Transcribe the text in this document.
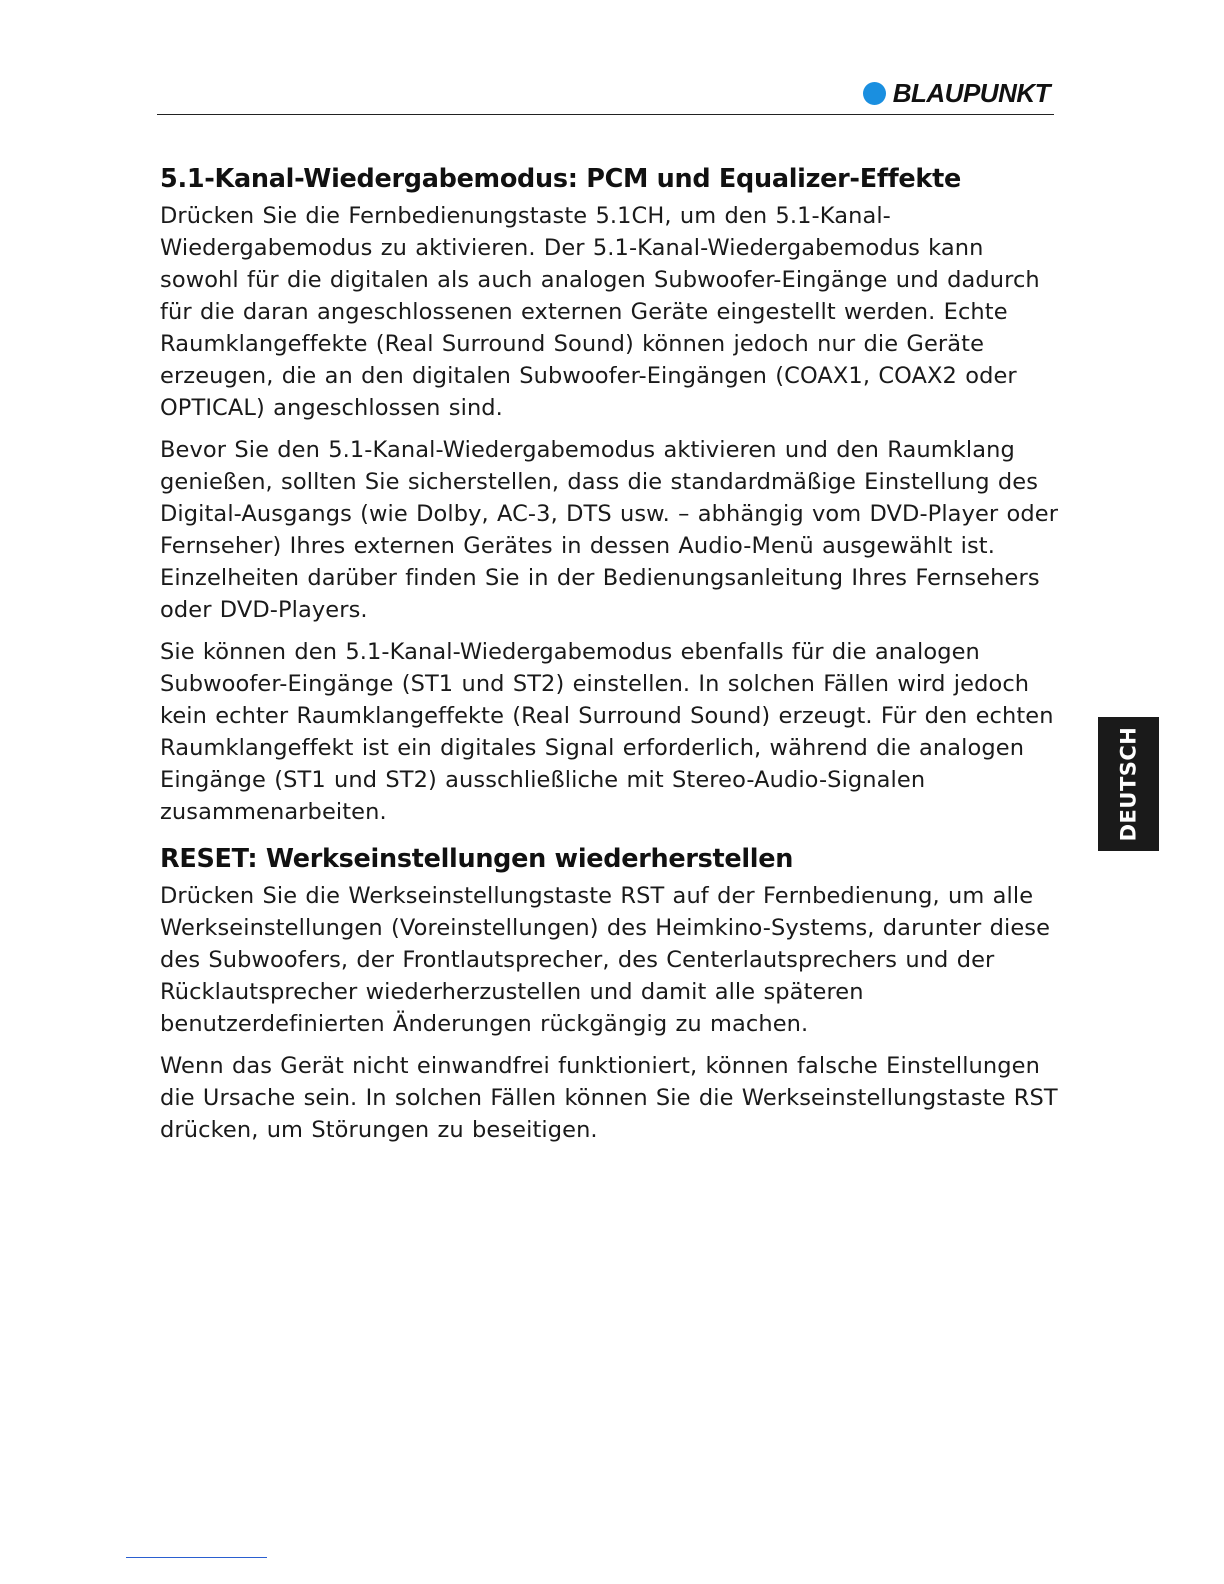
BLAUPUNKT
5.1-Kanal-Wiedergabemodus: PCM und Equalizer-Effekte

Drücken Sie die Fernbedienungstaste 5.1CH, um den 5.1-Kanal-Wiedergabemodus zu aktivieren. Der 5.1-Kanal-Wiedergabemodus kann sowohl für die digitalen als auch analogen Subwoofer-Eingänge und dadurch für die daran angeschlossenen externen Geräte eingestellt werden. Echte Raumklangeffekte (Real Surround Sound) können jedoch nur die Geräte erzeugen, die an den digitalen Subwoofer-Eingängen (COAX1, COAX2 oder OPTICAL) angeschlossen sind.

Bevor Sie den 5.1-Kanal-Wiedergabemodus aktivieren und den Raumklang genießen, sollten Sie sicherstellen, dass die standardmäßige Einstellung des Digital-Ausgangs (wie Dolby, AC-3, DTS usw. – abhängig vom DVD-Player oder Fernseher) Ihres externen Gerätes in dessen Audio-Menü ausgewählt ist. Einzelheiten darüber finden Sie in der Bedienungsanleitung Ihres Fernsehers oder DVD-Players.

Sie können den 5.1-Kanal-Wiedergabemodus ebenfalls für die analogen Subwoofer-Eingänge (ST1 und ST2) einstellen. In solchen Fällen wird jedoch kein echter Raumklangeffekte (Real Surround Sound) erzeugt. Für den echten Raumklangeffekt ist ein digitales Signal erforderlich, während die analogen Eingänge (ST1 und ST2) ausschließliche mit Stereo-Audio-Signalen zusammenarbeiten.

RESET: Werkseinstellungen wiederherstellen

Drücken Sie die Werkseinstellungstaste RST auf der Fernbedienung, um alle Werkseinstellungen (Voreinstellungen) des Heimkino-Systems, darunter diese des Subwoofers, der Frontlautsprecher, des Centerlautsprechers und der Rücklautsprecher wiederherzustellen und damit alle späteren benutzerdefinierten Änderungen rückgängig zu machen.

Wenn das Gerät nicht einwandfrei funktioniert, können falsche Einstellungen die Ursache sein. In solchen Fällen können Sie die Werkseinstellungstaste RST drücken, um Störungen zu beseitigen.

DEUTSCH
